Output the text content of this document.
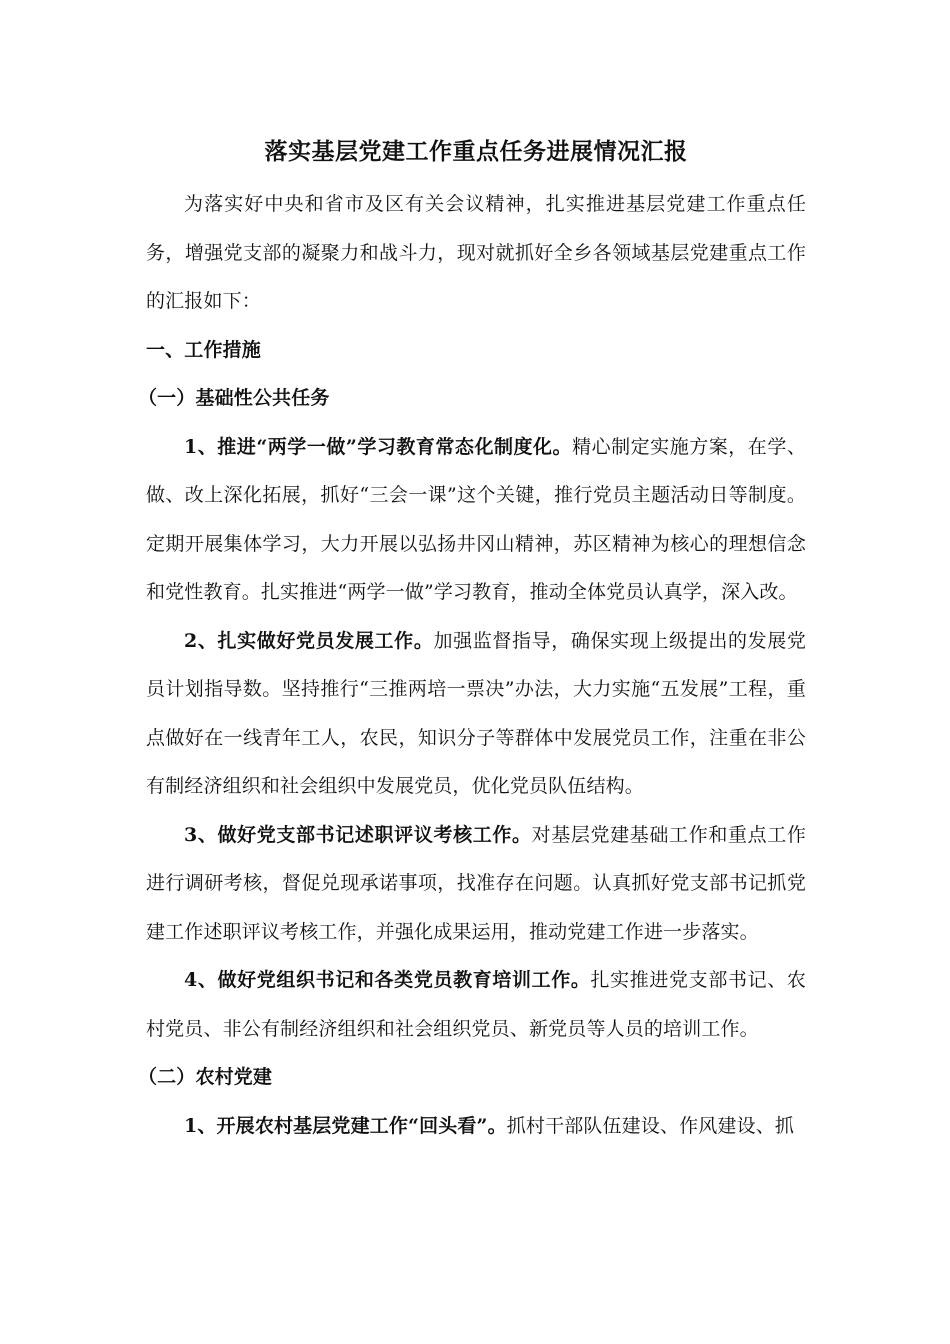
落实基层党建工作重点任务进展情况汇报

为落实好中央和省市及区有关会议精神，扎实推进基层党建工作重点任务，增强党支部的凝聚力和战斗力，现对就抓好全乡各领域基层党建重点工作的汇报如下：

一、工作措施

（一）基础性公共任务

1、推进“两学一做”学习教育常态化制度化。精心制定实施方案，在学、做、改上深化拓展，抓好“三会一课”这个关键，推行党员主题活动日等制度。定期开展集体学习，大力开展以弘扬井冈山精神，苏区精神为核心的理想信念和党性教育。扎实推进“两学一做”学习教育，推动全体党员认真学，深入改。

2、扎实做好党员发展工作。加强监督指导，确保实现上级提出的发展党员计划指导数。坚持推行“三推两培一票决”办法，大力实施“五发展”工程，重点做好在一线青年工人，农民，知识分子等群体中发展党员工作，注重在非公有制经济组织和社会组织中发展党员，优化党员队伍结构。

3、做好党支部书记述职评议考核工作。对基层党建基础工作和重点工作进行调研考核，督促兑现承诺事项，找准存在问题。认真抓好党支部书记抓党建工作述职评议考核工作，并强化成果运用，推动党建工作进一步落实。

4、做好党组织书记和各类党员教育培训工作。扎实推进党支部书记、农村党员、非公有制经济组织和社会组织党员、新党员等人员的培训工作。

（二）农村党建

1、开展农村基层党建工作“回头看”。抓村干部队伍建设、作风建设、抓
